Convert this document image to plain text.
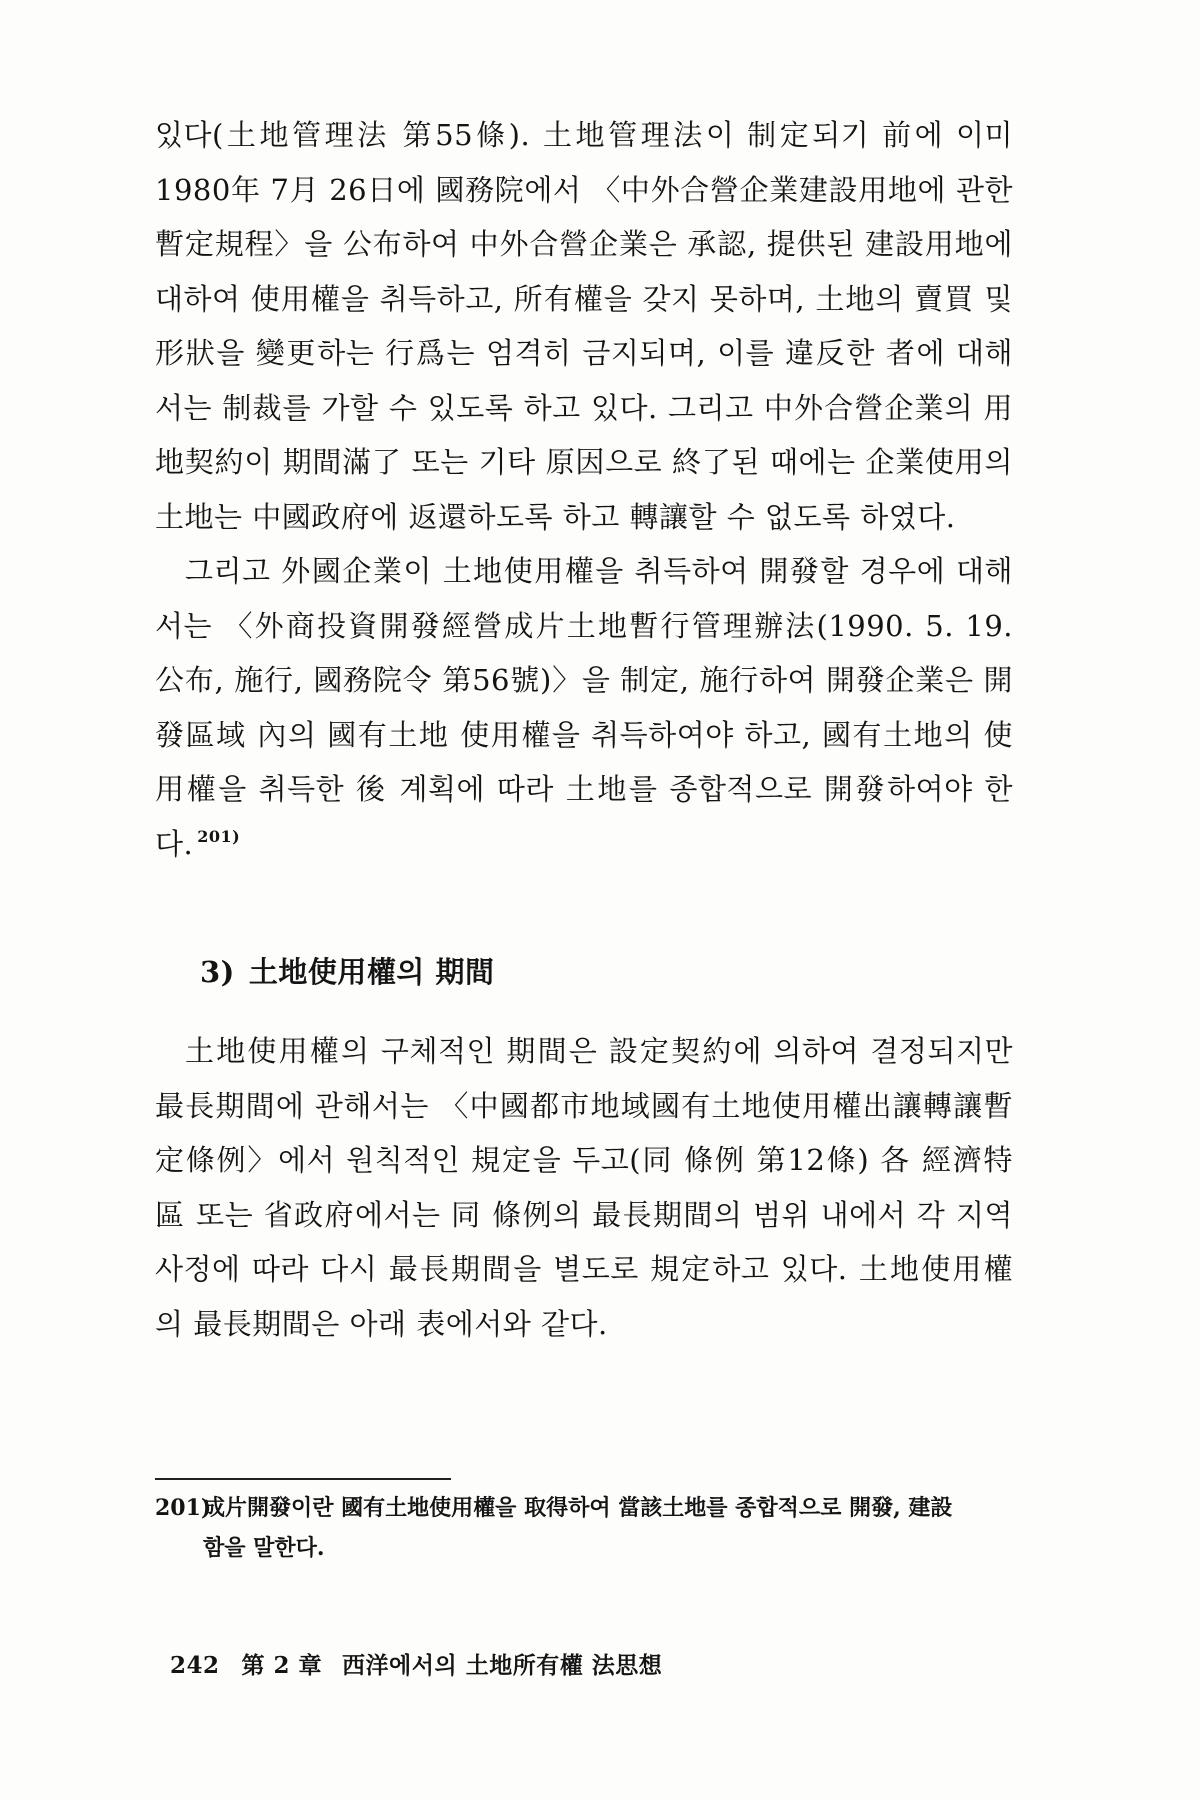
있다(土地管理法 第55條). 土地管理法이 制定되기 前에 이미 1980年 7月 26日에 國務院에서 〈中外合營企業建設用地에 관한 暫定規程〉을 公布하여 中外合營企業은 承認, 提供된 建設用地에 대하여 使用權을 취득하고, 所有權을 갖지 못하며, 土地의 賣買 및 形狀을 變更하는 行爲는 엄격히 금지되며, 이를 違反한 者에 대해서는 制裁를 가할 수 있도록 하고 있다. 그리고 中外合營企業의 用地契約이 期間滿了 또는 기타 原因으로 終了된 때에는 企業使用의 土地는 中國政府에 返還하도록 하고 轉讓할 수 없도록 하였다.

그리고 外國企業이 土地使用權을 취득하여 開發할 경우에 대해서는 〈外商投資開發經營成片土地暫行管理辦法(1990. 5. 19. 公布, 施行, 國務院令 第56號)〉을 制定, 施行하여 開發企業은 開發區域 內의 國有土地 使用權을 취득하여야 하고, 國有土地의 使用權을 취득한 後 계획에 따라 土地를 종합적으로 開發하여야 한다. $^{201)}$

3) 土地使用權의 期間

土地使用權의 구체적인 期間은 設定契約에 의하여 결정되지만 最長期間에 관해서는 〈中國都市地域國有土地使用權出讓轉讓暫定條例〉에서 원칙적인 規定을 두고(同 條例 第12條) 各 經濟特區 또는 省政府에서는 同 條例의 最長期間의 범위 내에서 각 지역 사정에 따라 다시 最長期間을 별도로 規定하고 있다. 土地使用權의 最長期間은 아래 表에서와 같다.

201)成片開發이란 國有土地使用權을 取得하여 當該土地를 종합적으로 開發, 建設
함을 말한다.
242 第 2 章 西洋에서의 土地所有權 法思想
